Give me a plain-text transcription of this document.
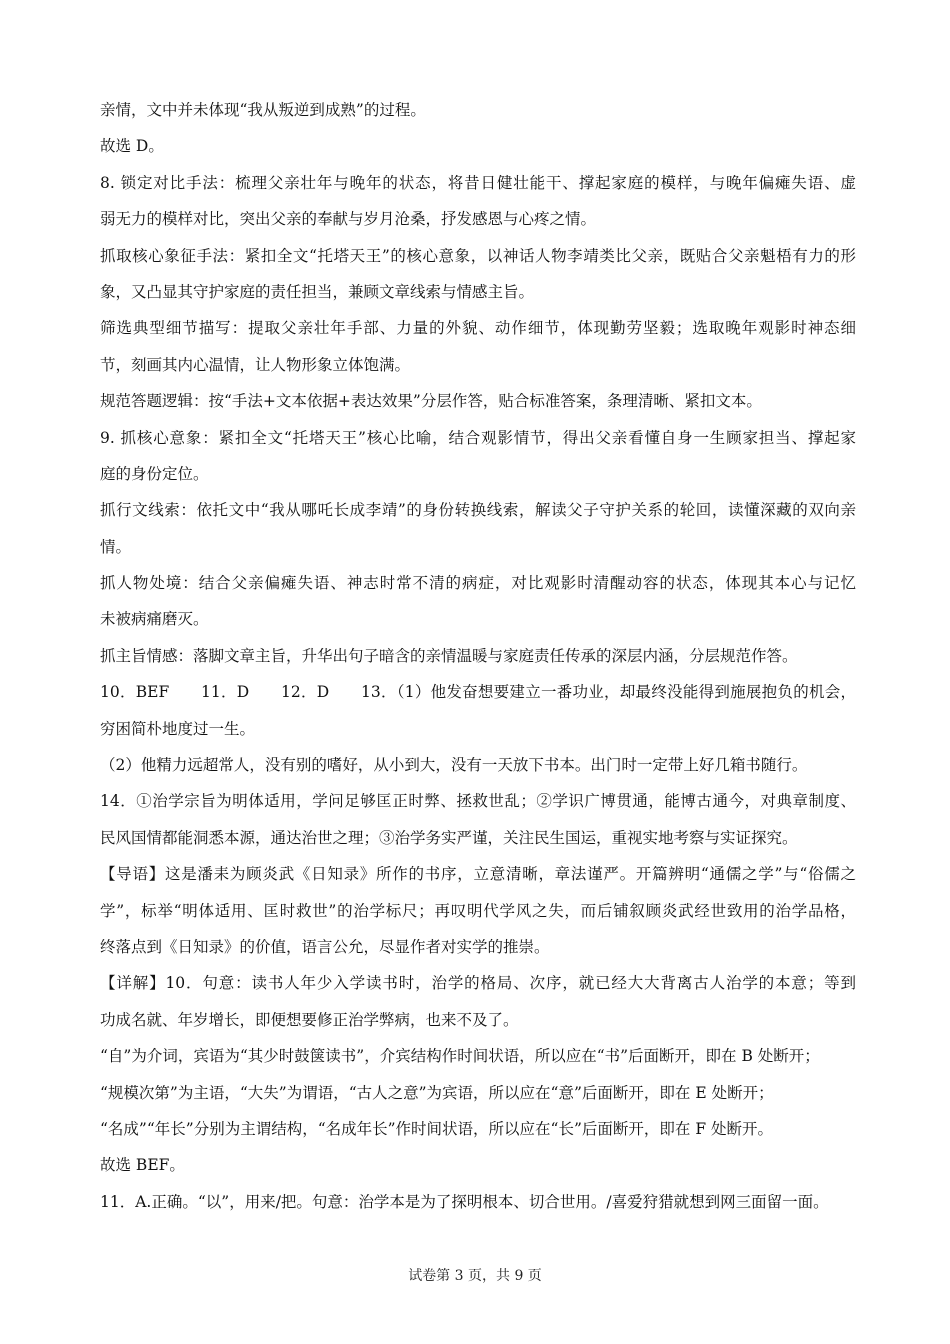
亲情，文中并未体现“我从叛逆到成熟”的过程。
故选 D。
8. 锁定对比手法：梳理父亲壮年与晚年的状态，将昔日健壮能干、撑起家庭的模样，与晚年偏瘫失语、虚
弱无力的模样对比，突出父亲的奉献与岁月沧桑，抒发感恩与心疼之情。
抓取核心象征手法：紧扣全文“托塔天王”的核心意象，以神话人物李靖类比父亲，既贴合父亲魁梧有力的形
象，又凸显其守护家庭的责任担当，兼顾文章线索与情感主旨。
筛选典型细节描写：提取父亲壮年手部、力量的外貌、动作细节，体现勤劳坚毅；选取晚年观影时神态细
节，刻画其内心温情，让人物形象立体饱满。
规范答题逻辑：按“手法+文本依据+表达效果”分层作答，贴合标准答案，条理清晰、紧扣文本。
9. 抓核心意象：紧扣全文“托塔天王”核心比喻，结合观影情节，得出父亲看懂自身一生顾家担当、撑起家
庭的身份定位。
抓行文线索：依托文中“我从哪吒长成李靖”的身份转换线索，解读父子守护关系的轮回，读懂深藏的双向亲
情。
抓人物处境：结合父亲偏瘫失语、神志时常不清的病症，对比观影时清醒动容的状态，体现其本心与记忆
未被病痛磨灭。
抓主旨情感：落脚文章主旨，升华出句子暗含的亲情温暖与家庭责任传承的深层内涵，分层规范作答。
10．BEF　　11．D　　12．D　　13．（1）他发奋想要建立一番功业，却最终没能得到施展抱负的机会，
穷困简朴地度过一生。
（2）他精力远超常人，没有别的嗜好，从小到大，没有一天放下书本。出门时一定带上好几箱书随行。
14．①治学宗旨为明体适用，学问足够匡正时弊、拯救世乱；②学识广博贯通，能博古通今，对典章制度、
民风国情都能洞悉本源，通达治世之理；③治学务实严谨，关注民生国运，重视实地考察与实证探究。
【导语】这是潘耒为顾炎武《日知录》所作的书序，立意清晰，章法谨严。开篇辨明“通儒之学”与“俗儒之
学”，标举“明体适用、匡时救世”的治学标尺；再叹明代学风之失，而后铺叙顾炎武经世致用的治学品格，
终落点到《日知录》的价值，语言公允，尽显作者对实学的推崇。
【详解】10．句意：读书人年少入学读书时，治学的格局、次序，就已经大大背离古人治学的本意；等到
功成名就、年岁增长，即便想要修正治学弊病，也来不及了。
“自”为介词，宾语为“其少时鼓箧读书”，介宾结构作时间状语，所以应在“书”后面断开，即在 B 处断开；
“规模次第”为主语，“大失”为谓语，“古人之意”为宾语，所以应在“意”后面断开，即在 E 处断开；
“名成”“年长”分别为主谓结构，“名成年长”作时间状语，所以应在“长”后面断开，即在 F 处断开。
故选 BEF。
11．A.正确。“以”，用来/把。句意：治学本是为了探明根本、切合世用。/喜爱狩猎就想到网三面留一面。
试卷第 3 页，共 9 页
